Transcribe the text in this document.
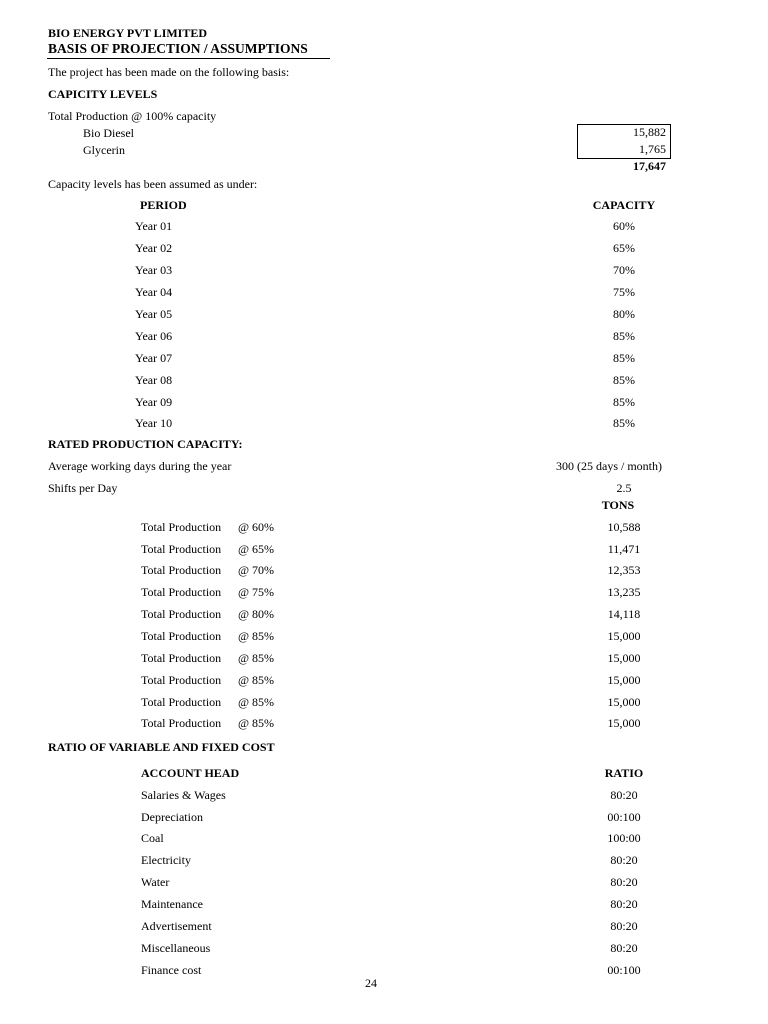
BIO ENERGY PVT LIMITED
BASIS OF PROJECTION / ASSUMPTIONS
The project has been made on the following basis:
CAPICITY LEVELS
Total Production @ 100% capacity
Bio Diesel	15,882
Glycerin	1,765
17,647
Capacity levels has been assumed as under:
PERIOD	CAPACITY
Year 01	60%
Year 02	65%
Year 03	70%
Year 04	75%
Year 05	80%
Year 06	85%
Year 07	85%
Year 08	85%
Year 09	85%
Year 10	85%
RATED PRODUCTION CAPACITY:
Average working days during the year	300 (25 days / month)
Shifts per Day	2.5
TONS
Total Production @ 60%	10,588
Total Production @ 65%	11,471
Total Production @ 70%	12,353
Total Production @ 75%	13,235
Total Production @ 80%	14,118
Total Production @ 85%	15,000
Total Production @ 85%	15,000
Total Production @ 85%	15,000
Total Production @ 85%	15,000
Total Production @ 85%	15,000
RATIO OF VARIABLE AND FIXED COST
ACCOUNT HEAD	RATIO
Salaries & Wages	80:20
Depreciation	00:100
Coal	100:00
Electricity	80:20
Water	80:20
Maintenance	80:20
Advertisement	80:20
Miscellaneous	80:20
Finance cost	00:100
24
